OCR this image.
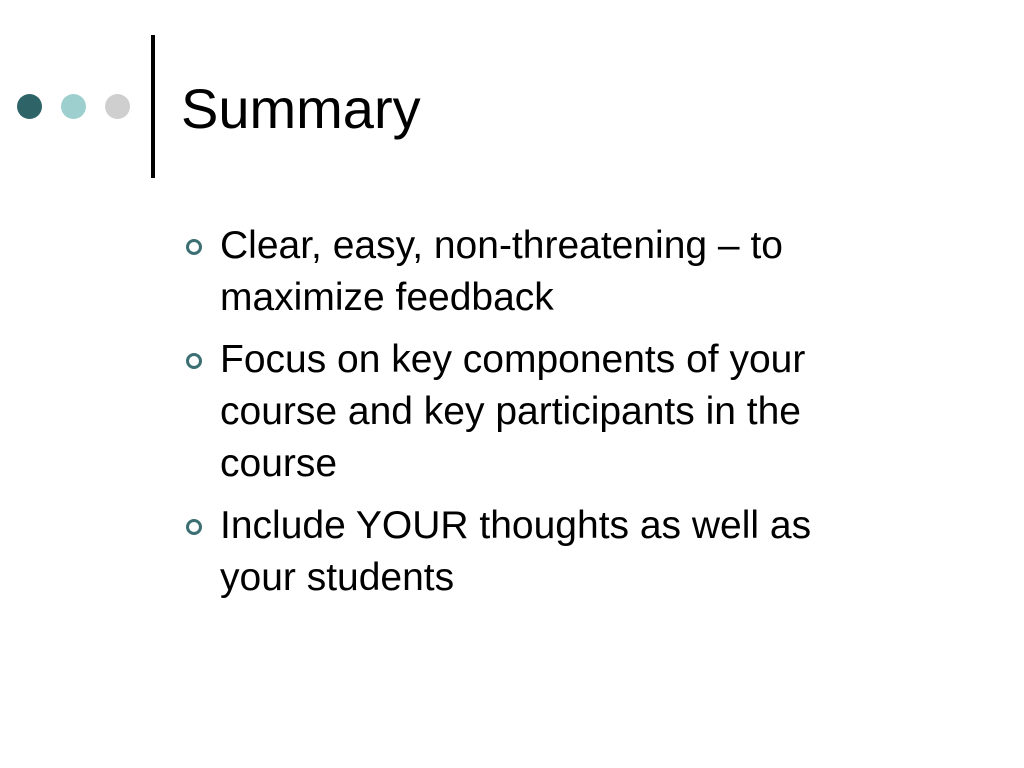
Summary
Clear, easy, non-threatening – to maximize feedback
Focus on key components of your course and key participants in the course
Include YOUR thoughts as well as your students
